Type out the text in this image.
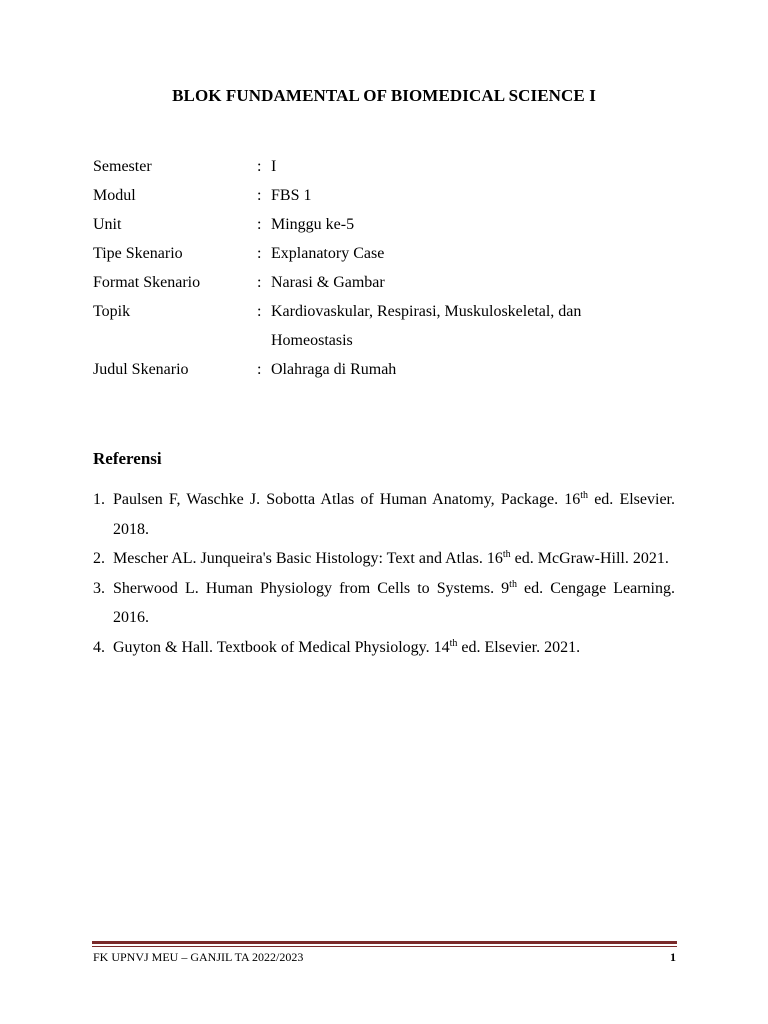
BLOK FUNDAMENTAL OF BIOMEDICAL SCIENCE I
Semester	: I
Modul	: FBS 1
Unit	: Minggu ke-5
Tipe Skenario	: Explanatory Case
Format Skenario	: Narasi & Gambar
Topik	: Kardiovaskular, Respirasi, Muskuloskeletal, dan
Homeostasis
Judul Skenario	: Olahraga di Rumah
Referensi
1. Paulsen F, Waschke J. Sobotta Atlas of Human Anatomy, Package. 16th ed. Elsevier. 2018.
2. Mescher AL. Junqueira's Basic Histology: Text and Atlas. 16th ed. McGraw-Hill. 2021.
3. Sherwood L. Human Physiology from Cells to Systems. 9th ed. Cengage Learning. 2016.
4. Guyton & Hall. Textbook of Medical Physiology. 14th ed. Elsevier. 2021.
FK UPNVJ MEU – GANJIL TA 2022/2023	1
